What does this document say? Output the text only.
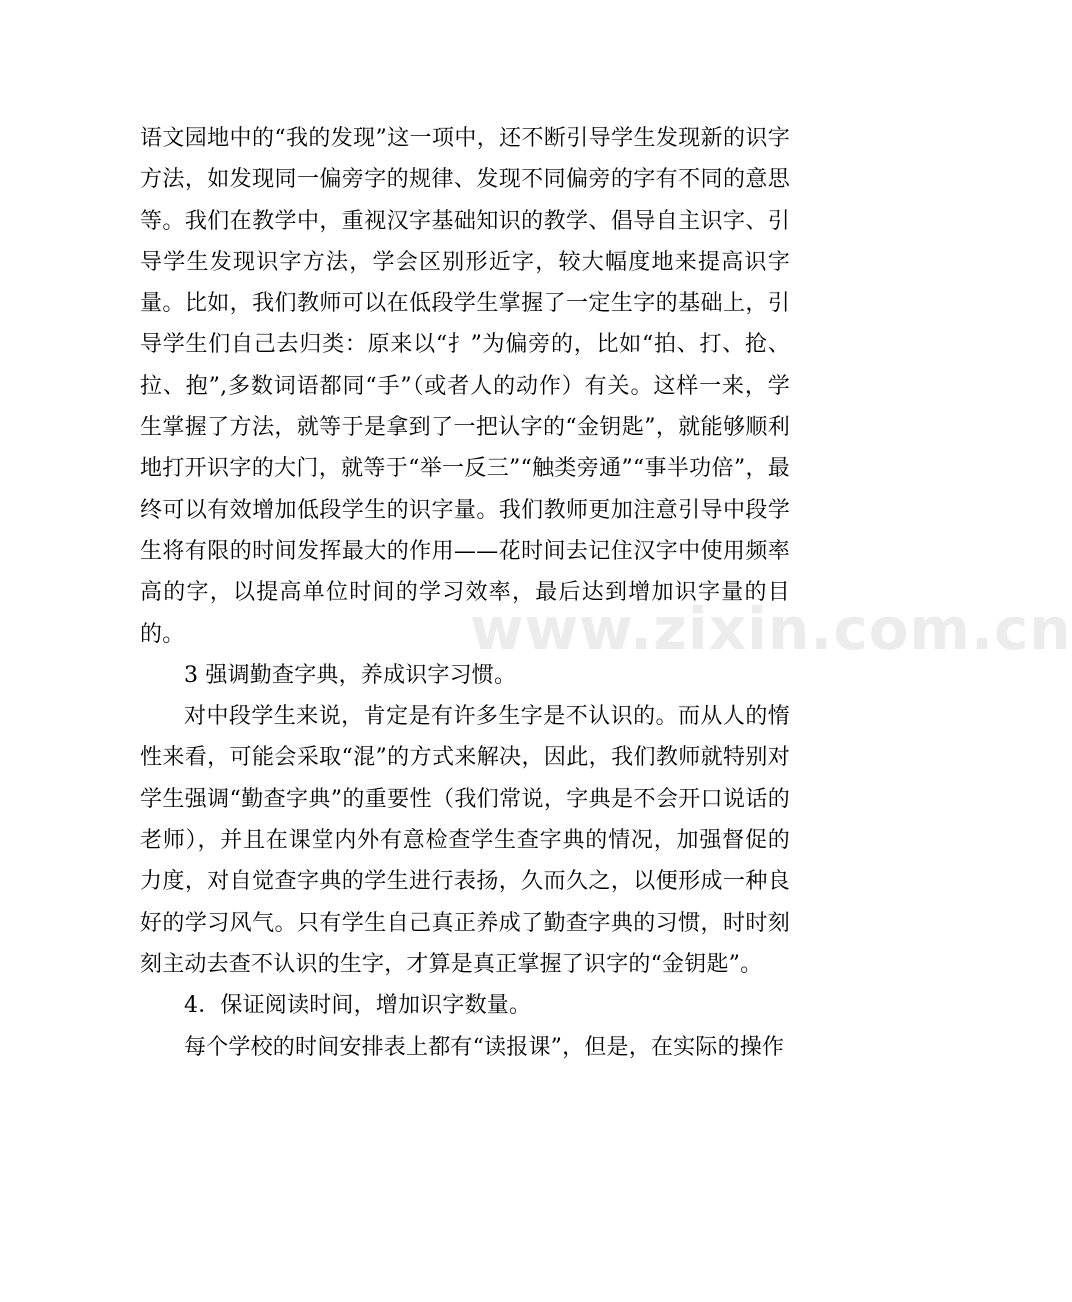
语文园地中的“我的发现”这一项中，还不断引导学生发现新的识字方法，如发现同一偏旁字的规律、发现不同偏旁的字有不同的意思等。我们在教学中，重视汉字基础知识的教学、倡导自主识字、引导学生发现识字方法，学会区别形近字，较大幅度地来提高识字量。比如，我们教师可以在低段学生掌握了一定生字的基础上，引导学生们自己去归类：原来以“扌”为偏旁的，比如“拍、打、抢、拉、抱”,多数词语都同“手”（或者人的动作）有关。这样一来，学生掌握了方法，就等于是拿到了一把认字的“金钥匙”，就能够顺利地打开识字的大门，就等于“举一反三”“触类旁通”“事半功倍”，最终可以有效增加低段学生的识字量。我们教师更加注意引导中段学生将有限的时间发挥最大的作用——花时间去记住汉字中使用频率高的字，以提高单位时间的学习效率，最后达到增加识字量的目的。

3 强调勤查字典，养成识字习惯。

对中段学生来说，肯定是有许多生字是不认识的。而从人的惰性来看，可能会采取“混”的方式来解决，因此，我们教师就特别对学生强调“勤查字典”的重要性（我们常说，字典是不会开口说话的老师），并且在课堂内外有意检查学生查字典的情况，加强督促的力度，对自觉查字典的学生进行表扬，久而久之，以便形成一种良好的学习风气。只有学生自己真正养成了勤查字典的习惯，时时刻刻主动去查不认识的生字，才算是真正掌握了识字的“金钥匙”。

4．保证阅读时间，增加识字数量。

每个学校的时间安排表上都有“读报课”，但是，在实际的操作

www.zixin.com.cn
